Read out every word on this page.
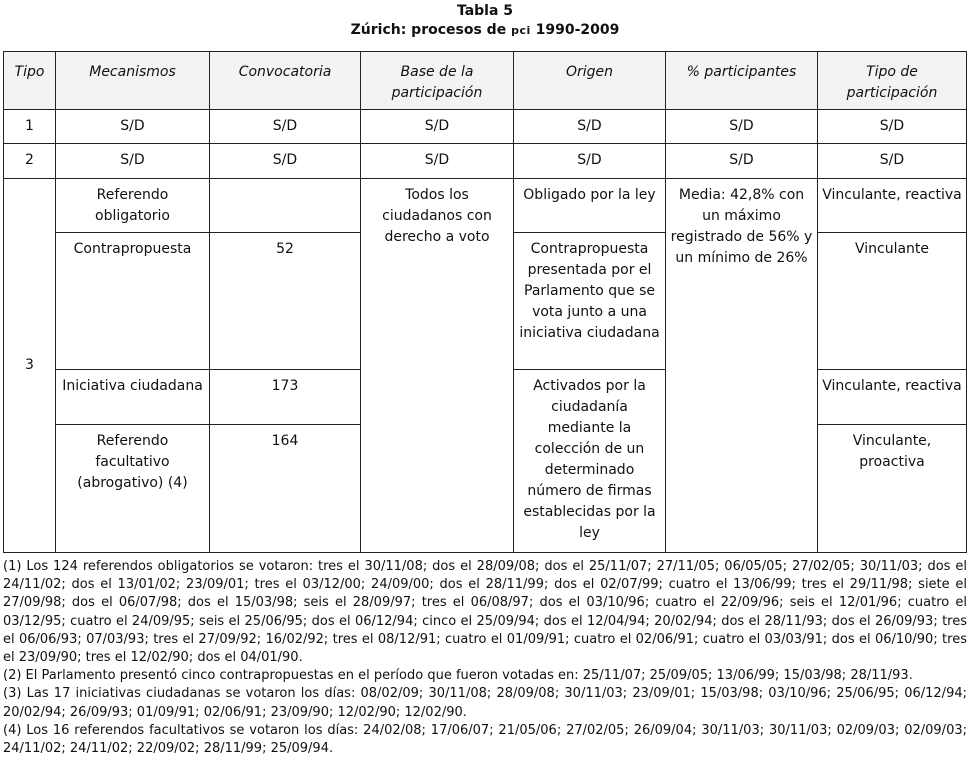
Tabla 5
Zúrich: procesos de pci 1990-2009
Tipo	Mecanismos	Convocatoria	Base de la participación	Origen	% participantes	Tipo de participación
1	S/D	S/D	S/D	S/D	S/D	S/D
2	S/D	S/D	S/D	S/D	S/D	S/D
3	Referendo obligatorio		Todos los ciudadanos con derecho a voto	Obligado por la ley	Media: 42,8% con un máximo registrado de 56% y un mínimo de 26%	Vinculante, reactiva
	Contrapropuesta	52		Contrapropuesta presentada por el Parlamento que se vota junto a una iniciativa ciudadana		Vinculante
	Iniciativa ciudadana	173		Activados por la ciudadanía mediante la colección de un determinado número de firmas establecidas por la ley		Vinculante, reactiva
	Referendo facultativo (abrogativo) (4)	164				Vinculante, proactiva

(1) Los 124 referendos obligatorios se votaron: tres el 30/11/08; dos el 28/09/08; dos el 25/11/07; 27/11/05; 06/05/05; 27/02/05; 30/11/03; dos el 24/11/02; dos el 13/01/02; 23/09/01; tres el 03/12/00; 24/09/00; dos el 28/11/99; dos el 02/07/99; cuatro el 13/06/99; tres el 29/11/98; siete el 27/09/98; dos el 06/07/98; dos el 15/03/98; seis el 28/09/97; tres el 06/08/97; dos el 03/10/96; cuatro el 22/09/96; seis el 12/01/96; cuatro el 03/12/95; cuatro el 24/09/95; seis el 25/06/95; dos el 06/12/94; cinco el 25/09/94; dos el 12/04/94; 20/02/94; dos el 28/11/93; dos el 26/09/93; tres el 06/06/93; 07/03/93; tres el 27/09/92; 16/02/92; tres el 08/12/91; cuatro el 01/09/91; cuatro el 02/06/91; cuatro el 03/03/91; dos el 06/10/90; tres el 23/09/90; tres el 12/02/90; dos el 04/01/90.

(2) El Parlamento presentó cinco contrapropuestas en el período que fueron votadas en: 25/11/07; 25/09/05; 13/06/99; 15/03/98; 28/11/93.

(3) Las 17 iniciativas ciudadanas se votaron los días: 08/02/09; 30/11/08; 28/09/08; 30/11/03; 23/09/01; 15/03/98; 03/10/96; 25/06/95; 06/12/94; 20/02/94; 26/09/93; 01/09/91; 02/06/91; 23/09/90; 12/02/90; 12/02/90.

(4) Los 16 referendos facultativos se votaron los días: 24/02/08; 17/06/07; 21/05/06; 27/02/05; 26/09/04; 30/11/03; 30/11/03; 02/09/03; 02/09/03; 24/11/02; 24/11/02; 22/09/02; 28/11/99; 25/09/94.
